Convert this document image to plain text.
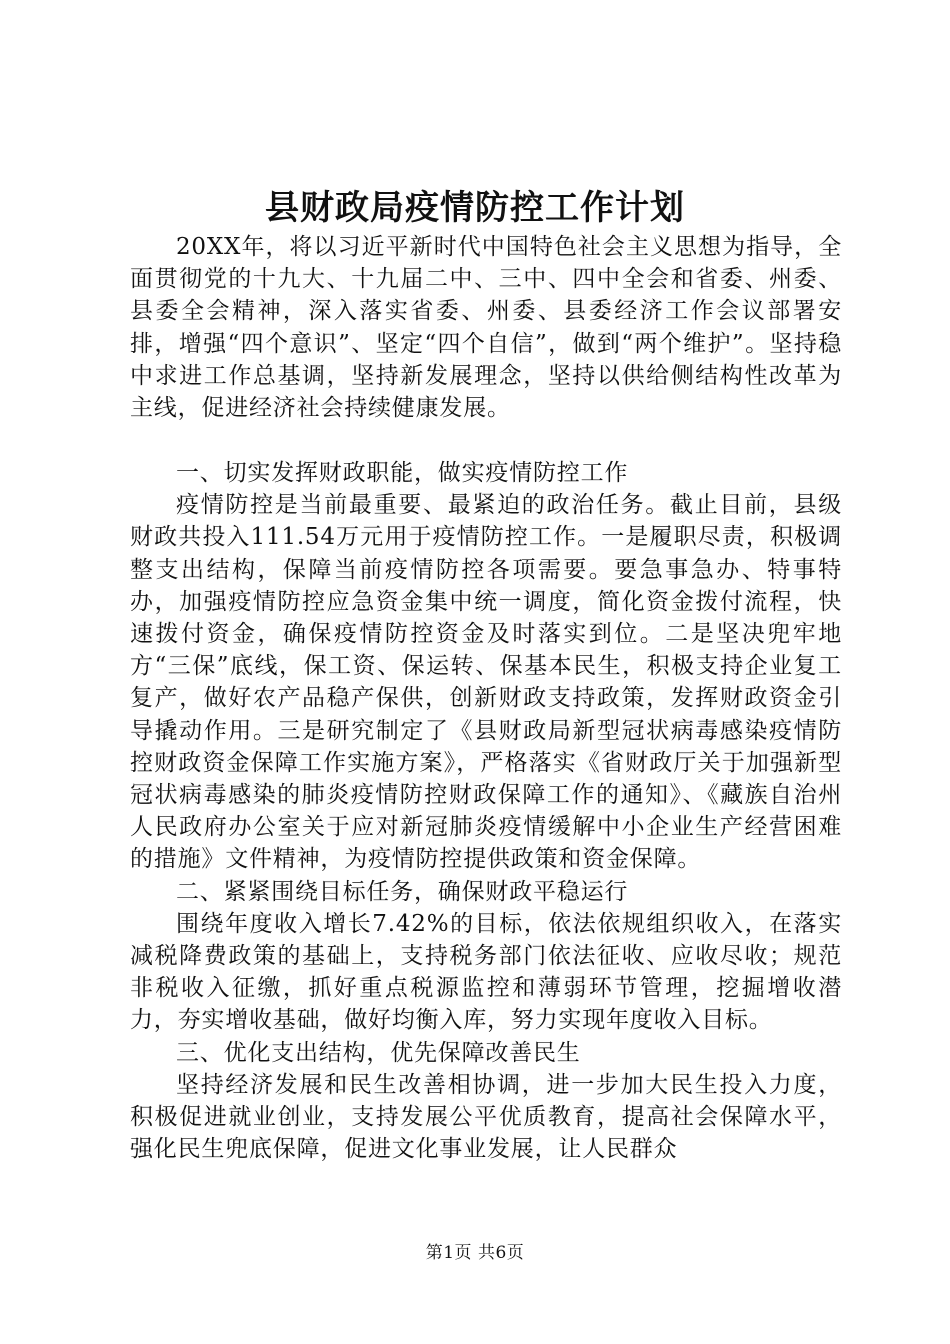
县财政局疫情防控工作计划

20XX年，将以习近平新时代中国特色社会主义思想为指导，全面贯彻党的十九大、十九届二中、三中、四中全会和省委、州委、县委全会精神，深入落实省委、州委、县委经济工作会议部署安排，增强“四个意识”、坚定“四个自信”，做到“两个维护”。坚持稳中求进工作总基调，坚持新发展理念，坚持以供给侧结构性改革为主线，促进经济社会持续健康发展。

一、切实发挥财政职能，做实疫情防控工作

疫情防控是当前最重要、最紧迫的政治任务。截止目前，县级财政共投入111.54万元用于疫情防控工作。一是履职尽责，积极调整支出结构，保障当前疫情防控各项需要。要急事急办、特事特办，加强疫情防控应急资金集中统一调度，简化资金拨付流程，快速拨付资金，确保疫情防控资金及时落实到位。二是坚决兜牢地方“三保”底线，保工资、保运转、保基本民生，积极支持企业复工复产，做好农产品稳产保供，创新财政支持政策，发挥财政资金引导撬动作用。三是研究制定了《县财政局新型冠状病毒感染疫情防控财政资金保障工作实施方案》，严格落实《省财政厅关于加强新型冠状病毒感染的肺炎疫情防控财政保障工作的通知》、《藏族自治州人民政府办公室关于应对新冠肺炎疫情缓解中小企业生产经营困难的措施》文件精神，为疫情防控提供政策和资金保障。

二、紧紧围绕目标任务，确保财政平稳运行

围绕年度收入增长7.42%的目标，依法依规组织收入，在落实减税降费政策的基础上，支持税务部门依法征收、应收尽收；规范非税收入征缴，抓好重点税源监控和薄弱环节管理，挖掘增收潜力，夯实增收基础，做好均衡入库，努力实现年度收入目标。

三、优化支出结构，优先保障改善民生

坚持经济发展和民生改善相协调，进一步加大民生投入力度，积极促进就业创业，支持发展公平优质教育，提高社会保障水平，强化民生兜底保障，促进文化事业发展，让人民群众

第1页 共6页
